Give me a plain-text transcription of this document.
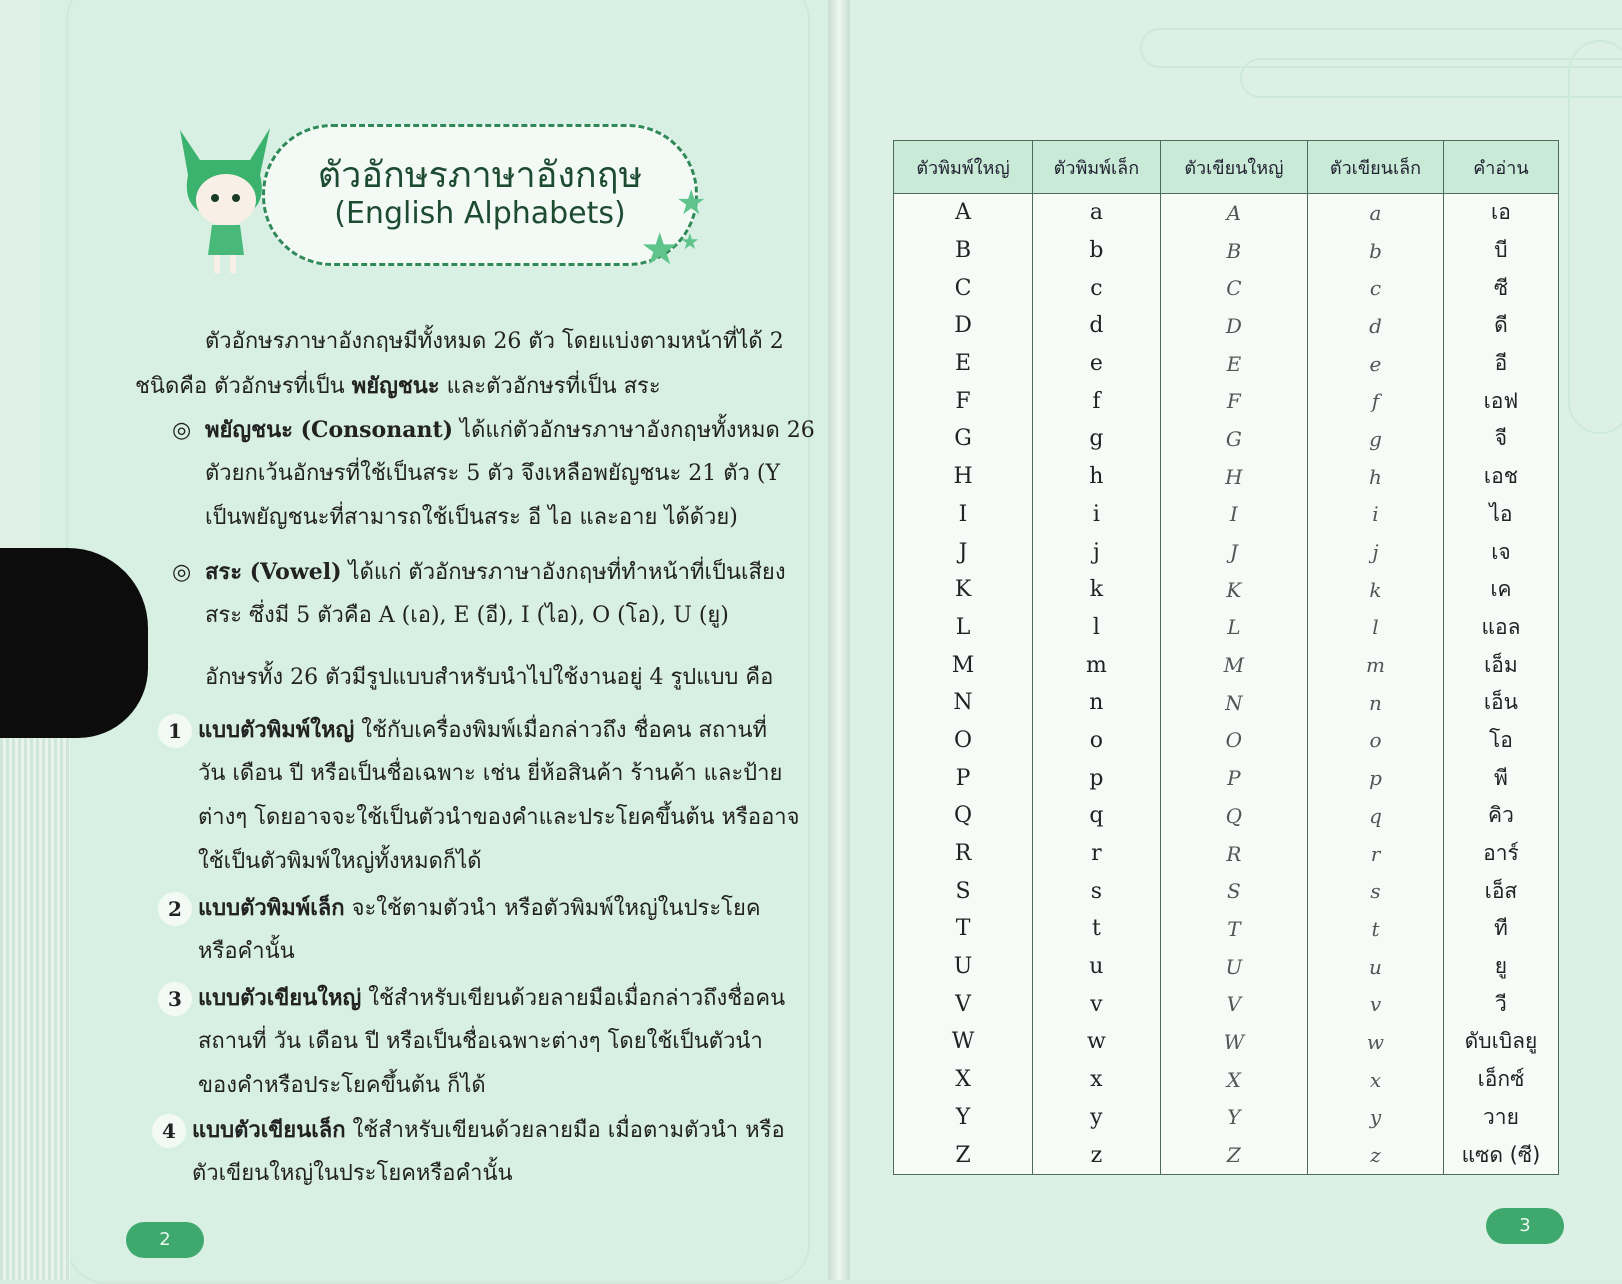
ตัวอักษรภาษาอังกฤษ
(English Alphabets)	★
★ ★
ตัวอักษรภาษาอังกฤษมีทั้งหมด 26 ตัว โดยแบ่งตามหน้าที่ได้ 2
ชนิดคือ ตัวอักษรที่เป็น พยัญชนะ และตัวอักษรที่เป็น สระ
◎ พยัญชนะ (Consonant) ได้แก่ตัวอักษรภาษาอังกฤษทั้งหมด 26
ตัวยกเว้นอักษรที่ใช้เป็นสระ 5 ตัว จึงเหลือพยัญชนะ 21 ตัว (Y
เป็นพยัญชนะที่สามารถใช้เป็นสระ อี ไอ และอาย ได้ด้วย)
◎ สระ (Vowel) ได้แก่ ตัวอักษรภาษาอังกฤษที่ทำหน้าที่เป็นเสียง
สระ ซึ่งมี 5 ตัวคือ A (เอ), E (อี), I (ไอ), O (โอ), U (ยู)
อักษรทั้ง 26 ตัวมีรูปแบบสำหรับนำไปใช้งานอยู่ 4 รูปแบบ คือ
1 แบบตัวพิมพ์ใหญ่ ใช้กับเครื่องพิมพ์เมื่อกล่าวถึง ชื่อคน สถานที่
วัน เดือน ปี หรือเป็นชื่อเฉพาะ เช่น ยี่ห้อสินค้า ร้านค้า และป้าย
ต่างๆ โดยอาจจะใช้เป็นตัวนำของคำและประโยคขึ้นต้น หรืออาจ
ใช้เป็นตัวพิมพ์ใหญ่ทั้งหมดก็ได้
2 แบบตัวพิมพ์เล็ก จะใช้ตามตัวนำ หรือตัวพิมพ์ใหญ่ในประโยค
หรือคำนั้น
3 แบบตัวเขียนใหญ่ ใช้สำหรับเขียนด้วยลายมือเมื่อกล่าวถึงชื่อคน
สถานที่ วัน เดือน ปี หรือเป็นชื่อเฉพาะต่างๆ โดยใช้เป็นตัวนำ
ของคำหรือประโยคขึ้นต้น ก็ได้
4 แบบตัวเขียนเล็ก ใช้สำหรับเขียนด้วยลายมือ เมื่อตามตัวนำ หรือ
ตัวเขียนใหญ่ในประโยคหรือคำนั้น
2
ตัวพิมพ์ใหญ่	ตัวพิมพ์เล็ก	ตัวเขียนใหญ่	ตัวเขียนเล็ก	คำอ่าน
A	a	A	a	เอ
B	b	B	b	บี
C	c	C	c	ซี
D	d	D	d	ดี
E	e	E	e	อี
F	f	F	f	เอฟ
G	g	G	g	จี
H	h	H	h	เอช
I	i	I	i	ไอ
J	j	J	j	เจ
K	k	K	k	เค
L	l	L	l	แอล
M	m	M	m	เอ็ม
N	n	N	n	เอ็น
O	o	O	o	โอ
P	p	P	p	พี
Q	q	Q	q	คิว
R	r	R	r	อาร์
S	s	S	s	เอ็ส
T	t	T	t	ที
U	u	U	u	ยู
V	v	V	v	วี
W	w	W	w	ดับเบิลยู
X	x	X	x	เอ็กซ์
Y	y	Y	y	วาย
Z	z	Z	z	แซด (ซี)
3
